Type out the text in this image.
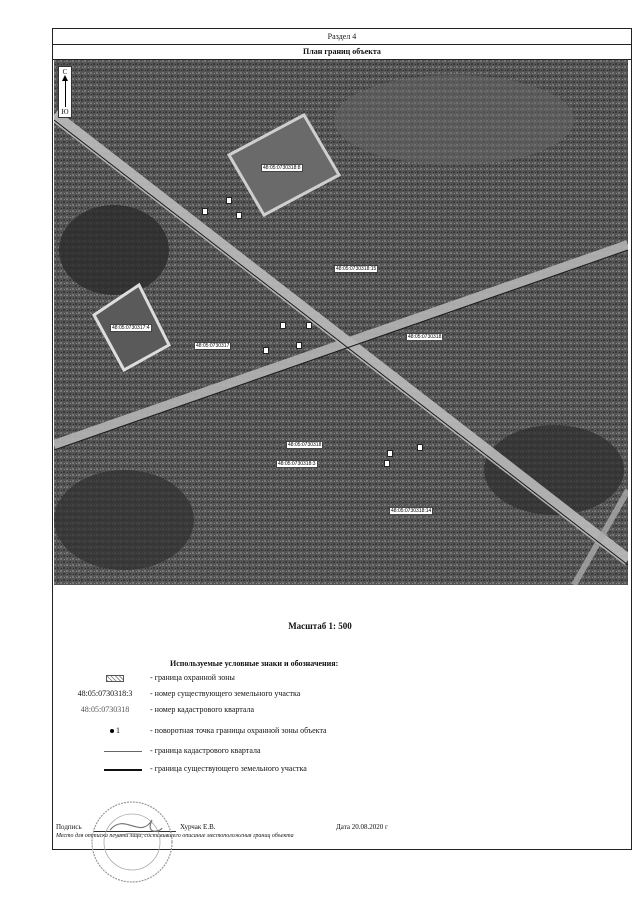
Раздел 4
План границ объекта
48:05:0730318:8
48:05:0730318:15
48:05:0730317:4
48:05:0730317
48:05:0730318
48:05:0730318:3
48:05:0730318:14
48:05:0730318
С
Ю
Масштаб 1: 500
Используемые условные знаки и обозначения:
- граница охранной зоны
48:05:0730318:3	- номер существующего земельного участка
48:05:0730318	- номер кадастрового квартала
1	- поворотная точка границы охранной зоны объекта
- граница кадастрового квартала
- граница существующего земельного участка
Подпись	Хурчак Е.В.	Дата 20.08.2020 г
Место для оттиска печати лица, составившего описание местоположения границ объекта
